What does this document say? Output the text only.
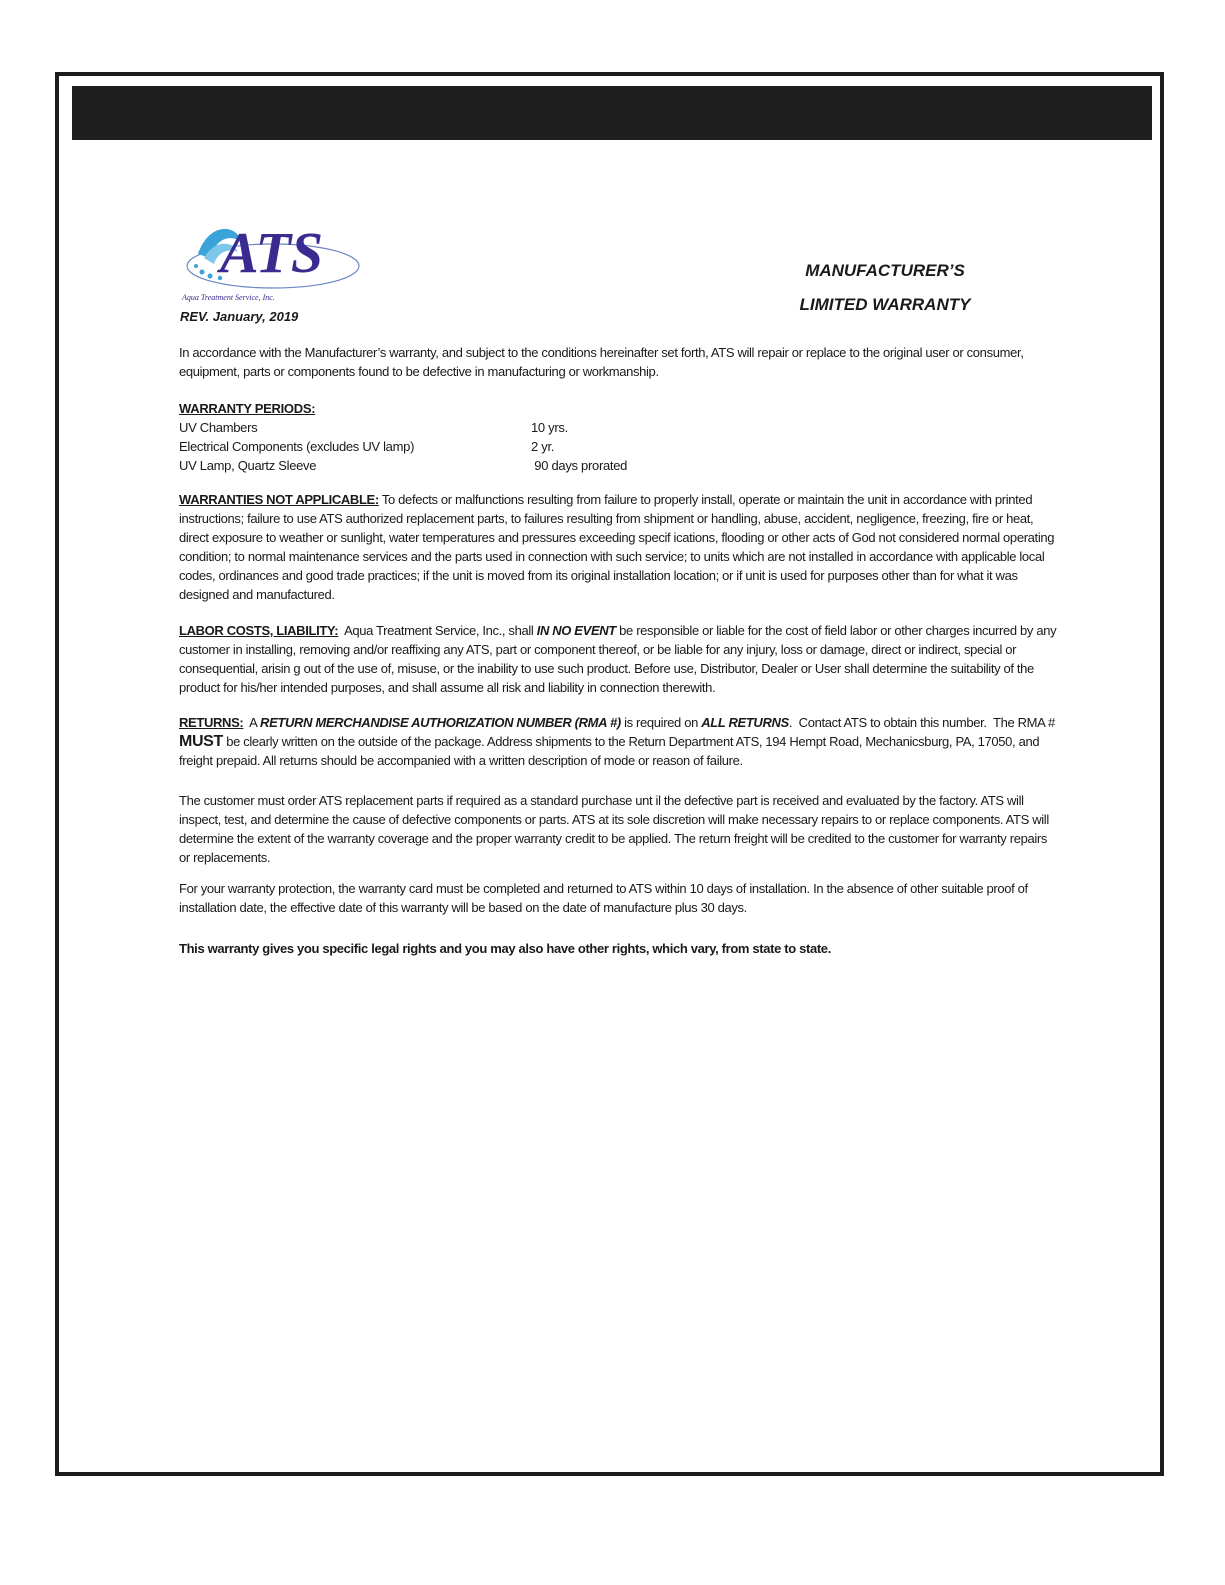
ATS
Aqua Treatment Service, Inc.
REV. January, 2019
MANUFACTURER’S
LIMITED WARRANTY

In accordance with the Manufacturer’s warranty, and subject to the conditions hereinafter set forth, ATS will repair or replace to the original user or consumer, equipment, parts or components found to be defective in manufacturing or workmanship.

WARRANTY PERIODS:
UV Chambers	10 yrs.
Electrical Components (excludes UV lamp)	2 yr.
UV Lamp, Quartz Sleeve	90 days prorated

WARRANTIES NOT APPLICABLE: To defects or malfunctions resulting from failure to properly install, operate or maintain the unit in accordance with printed instructions; failure to use ATS authorized replacement parts, to failures resulting from shipment or handling, abuse, accident, negligence, freezing, fire or heat, direct exposure to weather or sunlight, water temperatures and pressures exceeding specif ications, flooding or other acts of God not considered normal operating condition; to normal maintenance services and the parts used in connection with such service; to units which are not installed in accordance with applicable local codes, ordinances and good trade practices; if the unit is moved from its original installation location; or if unit is used for purposes other than for what it was designed and manufactured.

LABOR COSTS, LIABILITY:  Aqua Treatment Service, Inc., shall IN NO EVENT be responsible or liable for the cost of field labor or other charges incurred by any customer in installing, removing and/or reaffixing any ATS, part or component thereof, or be liable for any injury, loss or damage, direct or indirect, special or consequential, arisin g out of the use of, misuse, or the inability to use such product. Before use, Distributor, Dealer or User shall determine the suitability of the product for his/her intended purposes, and shall assume all risk and liability in connection therewith.

RETURNS:  A RETURN MERCHANDISE AUTHORIZATION NUMBER (RMA #) is required on ALL RETURNS.  Contact ATS to obtain this number.  The RMA # MUST be clearly written on the outside of the package. Address shipments to the Return Department ATS, 194 Hempt Road, Mechanicsburg, PA, 17050, and freight prepaid. All returns should be accompanied with a written description of mode or reason of failure.

The customer must order ATS replacement parts if required as a standard purchase unt il the defective part is received and evaluated by the factory. ATS will inspect, test, and determine the cause of defective components or parts. ATS at its sole discretion will make necessary repairs to or replace components. ATS will determine the extent of the warranty coverage and the proper warranty credit to be applied. The return freight will be credited to the customer for warranty repairs or replacements.

For your warranty protection, the warranty card must be completed and returned to ATS within 10 days of installation. In the absence of other suitable proof of installation date, the effective date of this warranty will be based on the date of manufacture plus 30 days.

This warranty gives you specific legal rights and you may also have other rights, which vary, from state to state.
